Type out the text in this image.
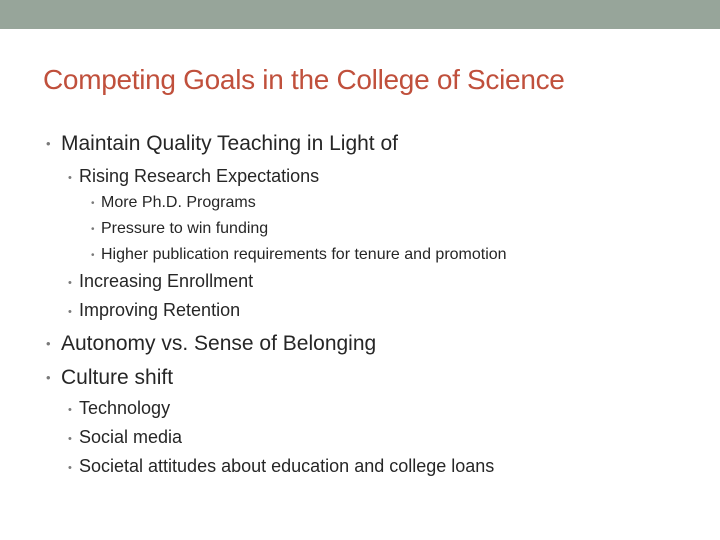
Competing Goals in the College of Science
• Maintain Quality Teaching in Light of
• Rising Research Expectations
• More Ph.D. Programs
• Pressure to win funding
• Higher publication requirements for tenure and promotion
• Increasing Enrollment
• Improving Retention
• Autonomy vs. Sense of Belonging
• Culture shift
• Technology
• Social media
• Societal attitudes about education and college loans
